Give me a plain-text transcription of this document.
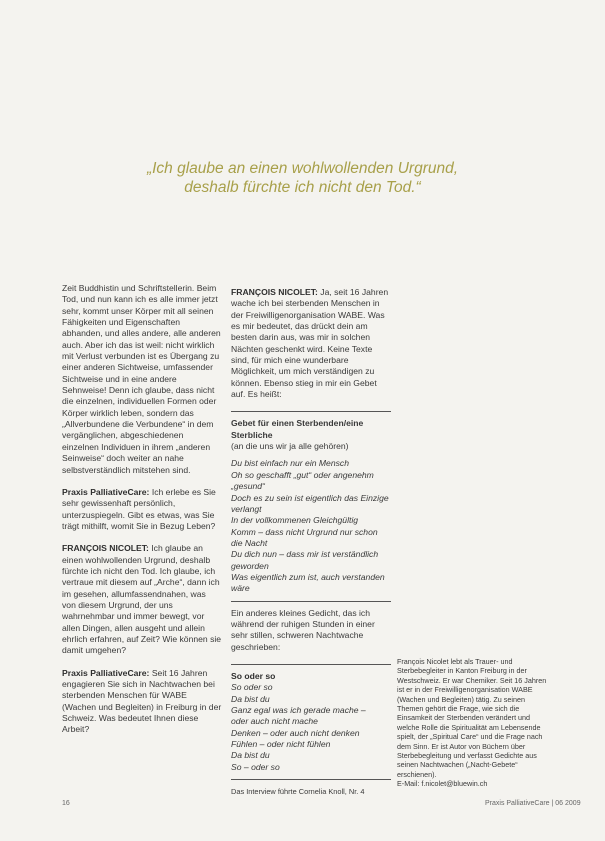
„Ich glaube an einen wohlwollenden Urgrund,
deshalb fürchte ich nicht den Tod.“

Zeit Buddhistin und Schriftstellerin. Beim Tod, und nun kann ich es alle immer jetzt sehr, kommt unser Körper mit all seinen Fähigkeiten und Eigenschaften abhanden, und alles andere, alle anderen auch. Aber ich das ist weil: nicht wirklich mit Verlust verbunden ist es Übergang zu einer anderen Sichtweise, umfassender Sichtweise und in eine andere Sehnweise! Denn ich glaube, dass nicht die einzelnen, individuellen Formen oder Körper wirklich leben, sondern das „Allverbundene die Verbundene“ in dem vergänglichen, abgeschiedenen einzelnen Individuen in ihrem „anderen Seinweise“ doch weiter an nahe selbstverständlich mitstehen sind.

Praxis PalliativeCare: Ich erlebe es Sie sehr gewissenhaft persönlich, unterzuspiegeln. Gibt es etwas, was Sie trägt mithilft, womit Sie in Bezug Leben?

FRANÇOIS NICOLET: Ich glaube an einen wohlwollenden Urgrund, deshalb fürchte ich nicht den Tod. Ich glaube, ich vertraue mit diesem auf „Arche“, dann ich im gesehen, allumfassendnahen, was von diesem Urgrund, der uns wahrnehmbar und immer bewegt, vor allen Dingen, allen ausgeht und allein ehrlich erfahren, auf Zeit? Wie können sie damit umgehen?

Praxis PalliativeCare: Seit 16 Jahren engagieren Sie sich in Nachtwachen bei sterbenden Menschen für WABE (Wachen und Begleiten) in Freiburg in der Schweiz. Was bedeutet Ihnen diese Arbeit?

FRANÇOIS NICOLET: Ja, seit 16 Jahren wache ich bei sterbenden Menschen in der Freiwilligenorganisation WABE. Was es mir bedeutet, das drückt dein am besten darin aus, was mir in solchen Nächten geschenkt wird. Keine Texte sind, für mich eine wunderbare Möglichkeit, um mich verständigen zu können. Ebenso stieg in mir ein Gebet auf. Es heißt:

Gebet für einen Sterbenden/eine Sterbliche
(an die uns wir ja alle gehören)
Du bist einfach nur ein Mensch
Oh so geschafft „gut“ oder angenehm „gesund“
Doch es zu sein ist eigentlich das Einzige verlangt
In der vollkommenen Gleichgültig
Komm – dass nicht Urgrund nur schon die Nacht
Du dich nun – dass mir ist verständlich geworden
Was eigentlich zum ist, auch verstanden wäre

Ein anderes kleines Gedicht, das ich während der ruhigen Stunden in einer sehr stillen, schweren Nachtwache geschrieben:

So oder so
So oder so
Da bist du
Ganz egal was ich gerade mache –
oder auch nicht mache
Denken – oder auch nicht denken
Fühlen – oder nicht fühlen
Da bist du
So – oder so
Das Interview führte Cornelia Knoll, Nr. 4
François Nicolet lebt als Trauer- und Sterbebegleiter in Kanton Freiburg in der Westschweiz. Er war Chemiker. Seit 16 Jahren ist er in der Freiwilligenorganisation WABE (Wachen und Begleiten) tätig. Zu seinen Themen gehört die Frage, wie sich die Einsamkeit der Sterbenden verändert und welche Rolle die Spiritualität am Lebensende spielt, der „Spiritual Care“ und die Frage nach dem Sinn. Er ist Autor von Büchern über Sterbebegleitung und verfasst Gedichte aus seinen Nachtwachen („Nacht-Gebete“ erschienen).
E-Mail: f.nicolet@bluewin.ch
16	Praxis PalliativeCare | 06 2009
